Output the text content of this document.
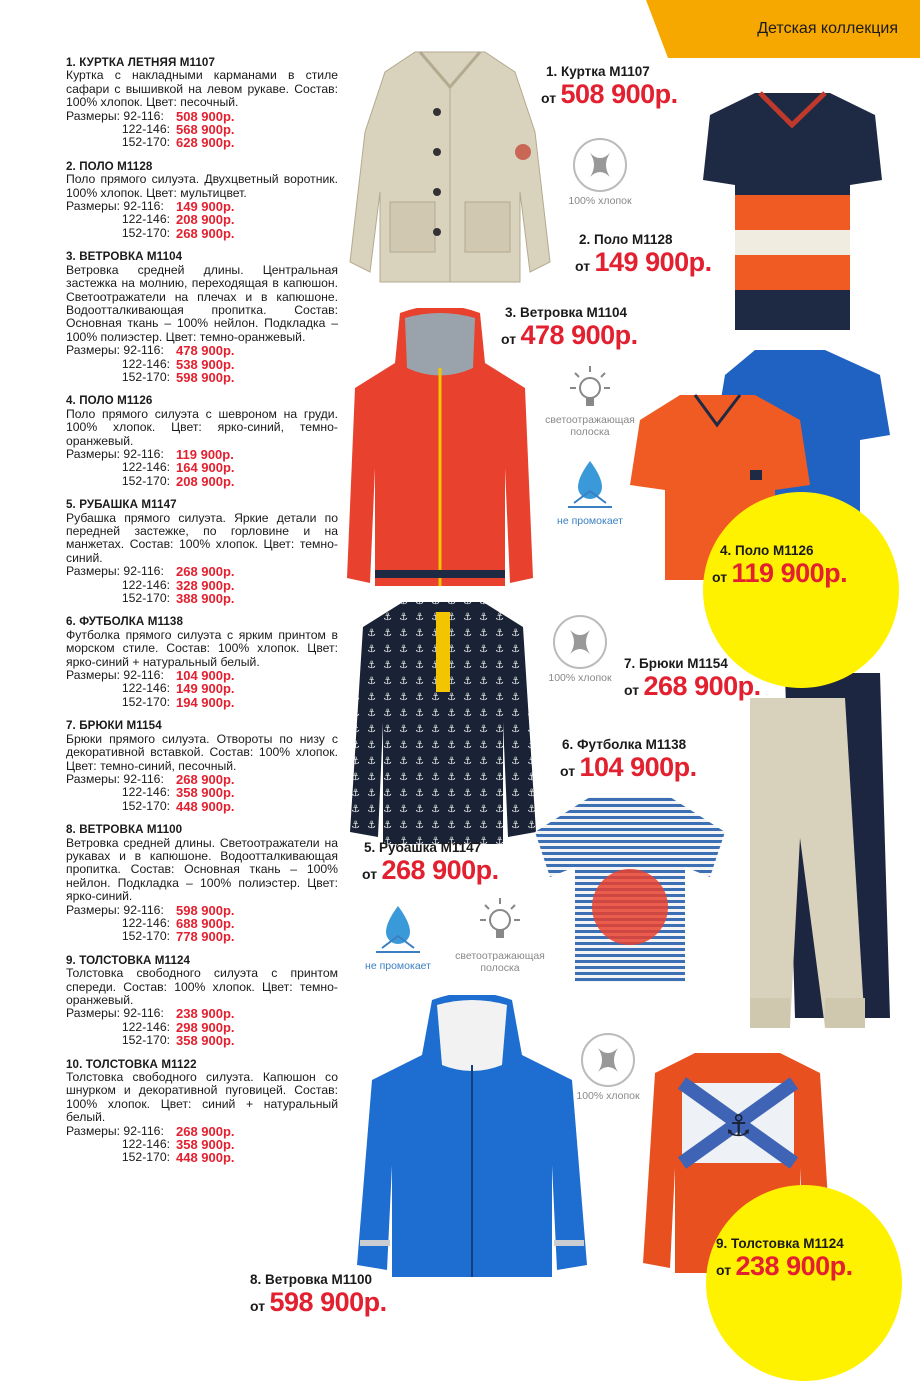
Детская коллекция
1. КУРТКА ЛЕТНЯЯ М1107
Куртка с накладными карманами в стиле сафари с вышивкой на левом рукаве. Состав: 100% хлопок. Цвет: песочный.
Размеры: 92-116: 508 900р.
122-146: 568 900р.
152-170: 628 900р.
2. ПОЛО М1128
Поло прямого силуэта. Двухцветный воротник. 100% хлопок. Цвет: мультицвет.
Размеры: 92-116: 149 900р.
122-146: 208 900р.
152-170: 268 900р.
3. ВЕТРОВКА М1104
Ветровка средней длины. Центральная застежка на молнию, переходящая в капюшон. Светоотражатели на плечах и в капюшоне. Водоотталкивающая пропитка. Состав: Основная ткань – 100% нейлон. Подкладка – 100% полиэстер. Цвет: темно-оранжевый.
Размеры: 92-116: 478 900р.
122-146: 538 900р.
152-170: 598 900р.
4. ПОЛО М1126
Поло прямого силуэта с шевроном на груди. 100% хлопок. Цвет: ярко-синий, темно-оранжевый.
Размеры: 92-116: 119 900р.
122-146: 164 900р.
152-170: 208 900р.
5. РУБАШКА М1147
Рубашка прямого силуэта. Яркие детали по передней застежке, по горловине и на манжетах. Состав: 100% хлопок. Цвет: темно-синий.
Размеры: 92-116: 268 900р.
122-146: 328 900р.
152-170: 388 900р.
6. ФУТБОЛКА М1138
Футболка прямого силуэта с ярким принтом в морском стиле. Состав: 100% хлопок. Цвет: ярко-синий + натуральный белый.
Размеры: 92-116: 104 900р.
122-146: 149 900р.
152-170: 194 900р.
7. БРЮКИ М1154
Брюки прямого силуэта. Отвороты по низу с декоративной вставкой. Состав: 100% хлопок. Цвет: темно-синий, песочный.
Размеры: 92-116: 268 900р.
122-146: 358 900р.
152-170: 448 900р.
8. ВЕТРОВКА М1100
Ветровка средней длины. Светоотражатели на рукавах и в капюшоне. Водоотталкивающая пропитка. Состав: Основная ткань – 100% нейлон. Подкладка – 100% полиэстер. Цвет: ярко-синий.
Размеры: 92-116: 598 900р.
122-146: 688 900р.
152-170: 778 900р.
9. ТОЛСТОВКА М1124
Толстовка свободного силуэта с принтом спереди. Состав: 100% хлопок. Цвет: темно-оранжевый.
Размеры: 92-116: 238 900р.
122-146: 298 900р.
152-170: 358 900р.
10. ТОЛСТОВКА М1122
Толстовка свободного силуэта. Капюшон со шнурком и декоративной пуговицей. Состав: 100% хлопок. Цвет: синий + натуральный белый.
Размеры: 92-116: 268 900р.
122-146: 358 900р.
152-170: 448 900р.
⚓
1. Куртка М1107
от 508 900р.
2. Поло М1128
от 149 900р.
3. Ветровка М1104
от 478 900р.
4. Поло М1126
от 119 900р.
7. Брюки М1154
от 268 900р.
6. Футболка М1138
от 104 900р.
5. Рубашка М1147
от 268 900р.
9. Толстовка М1124
от 238 900р.
8. Ветровка М1100
от 598 900р.
100% хлопок
светоотражающая полоска
не промокает
100% хлопок
не промокает
светоотражающая полоска
100% хлопок
